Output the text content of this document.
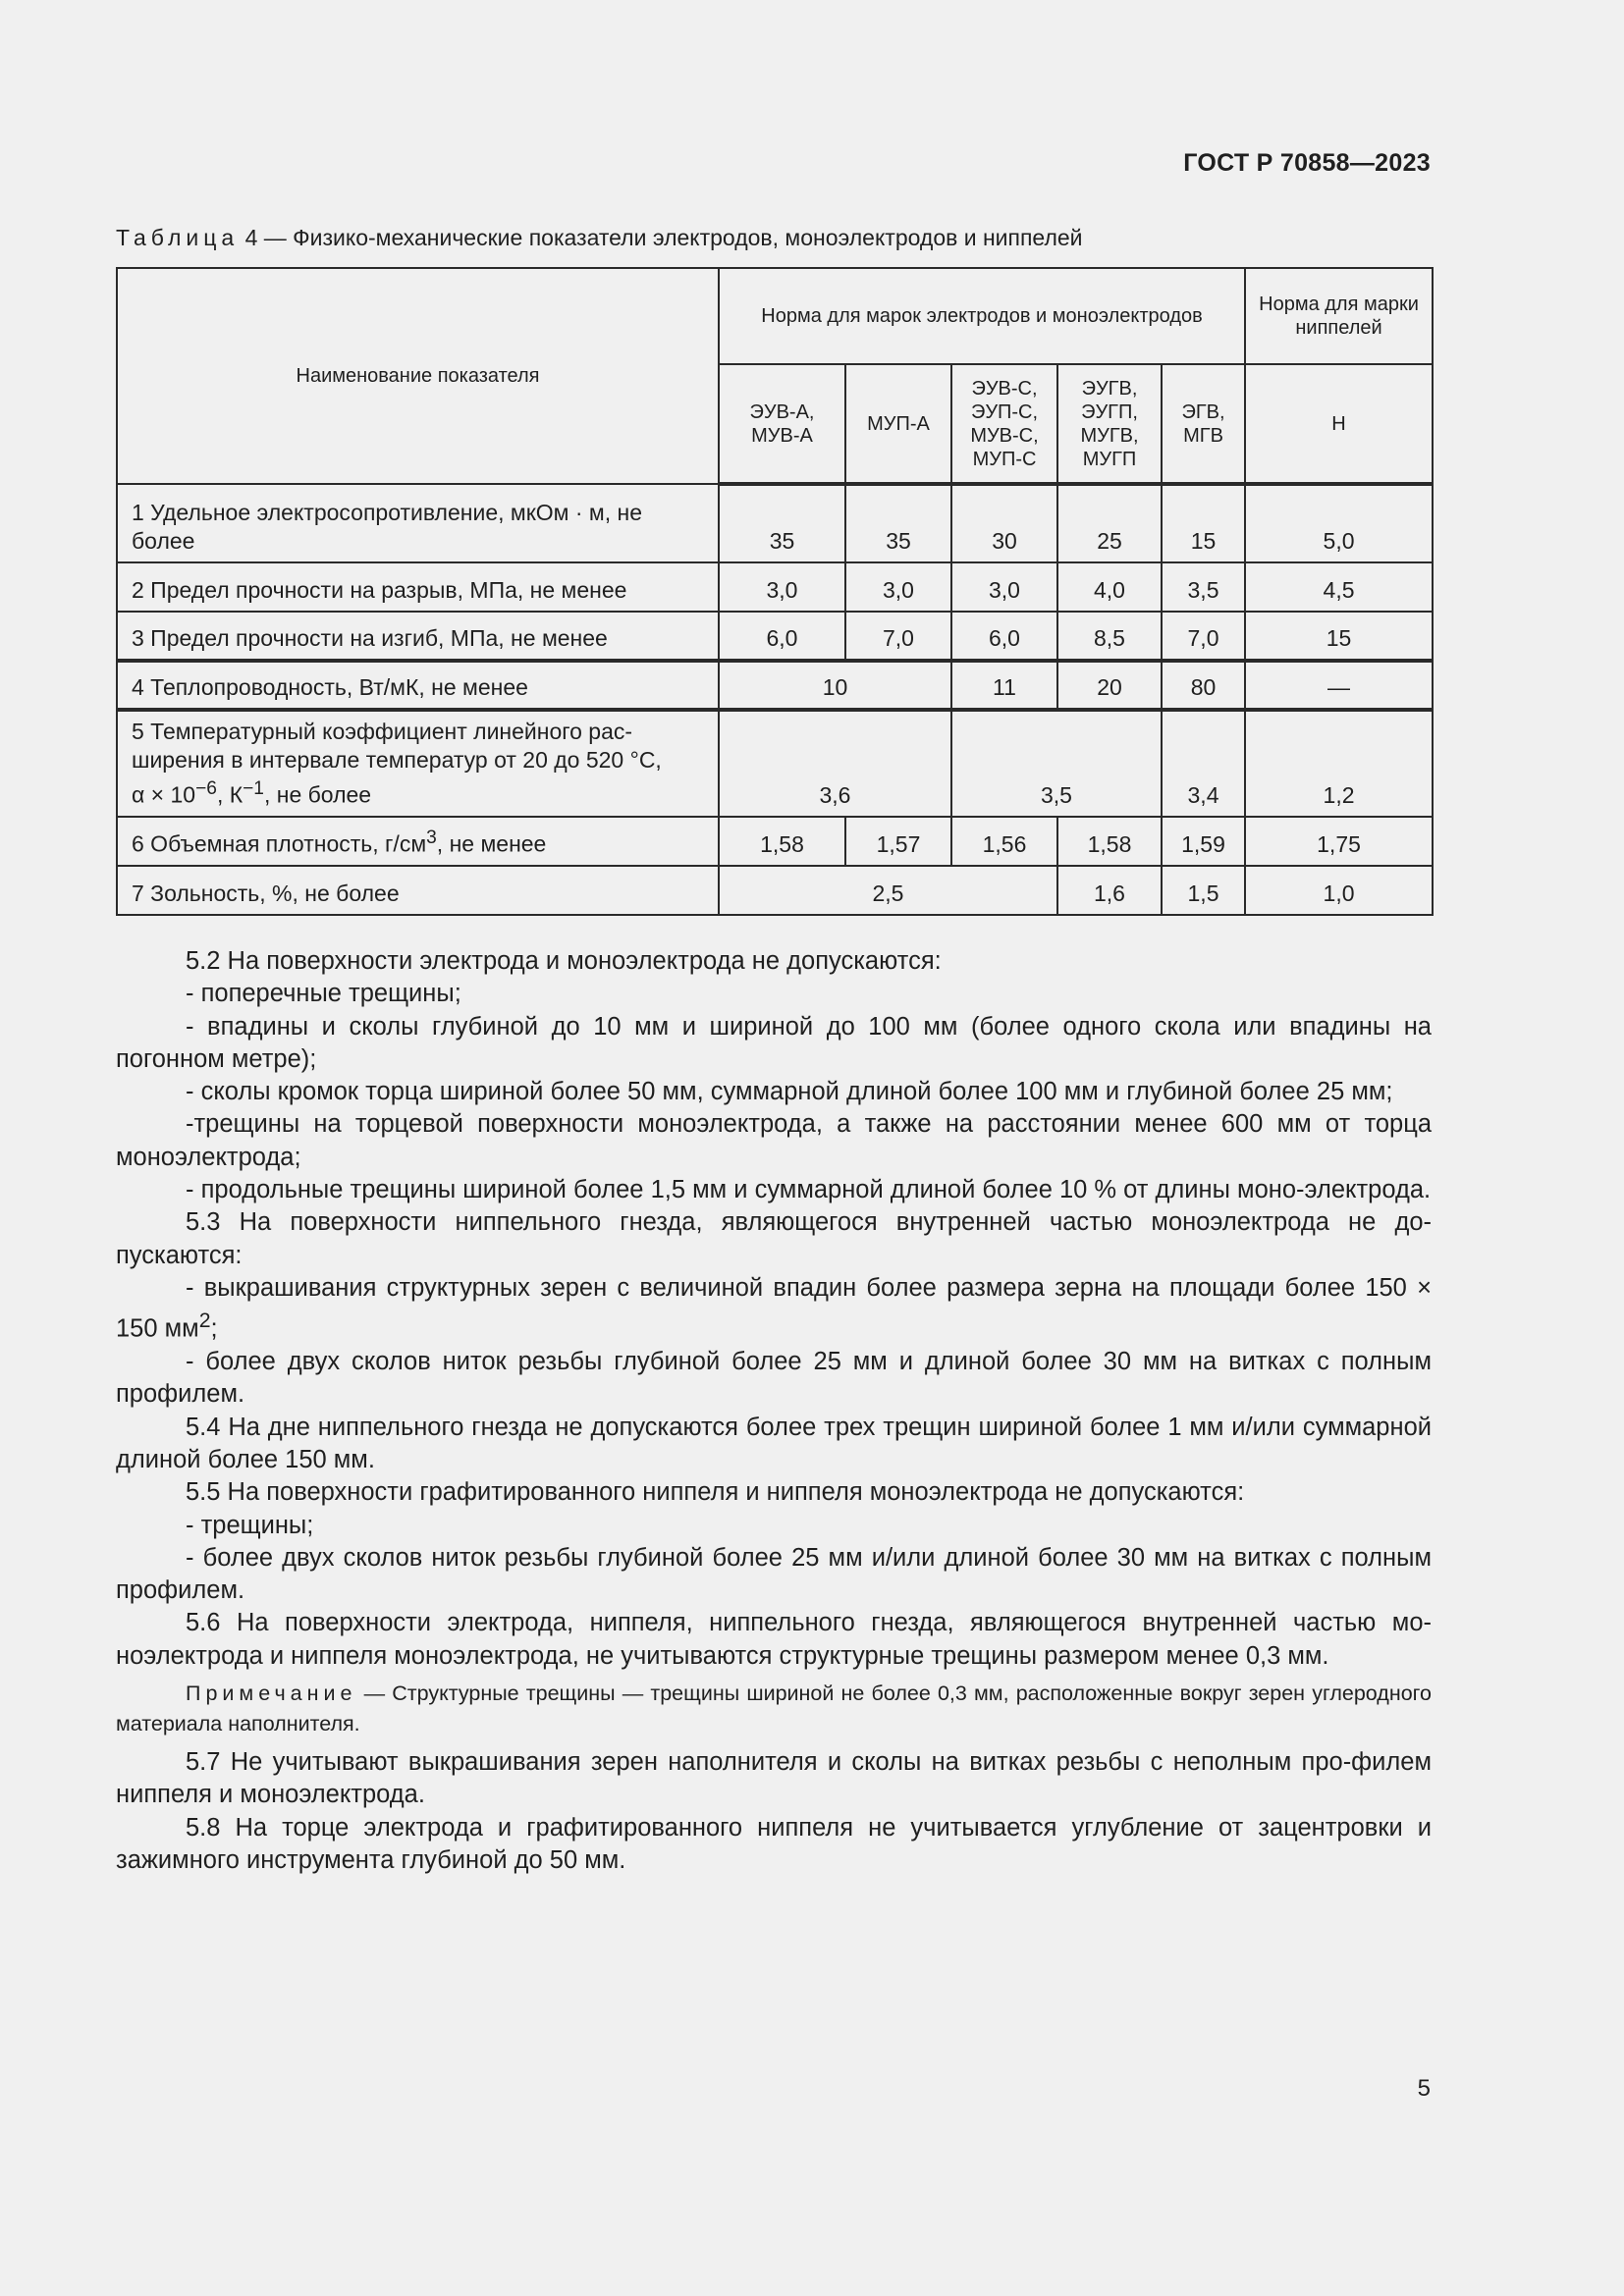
ГОСТ Р 70858—2023
Таблица 4 — Физико-механические показатели электродов, моноэлектродов и ниппелей
Наименование показателя	Норма для марок электродов и моноэлектродов					Норма для марки ниппелей
	ЭУВ-А, МУВ-А	МУП-А	ЭУВ-С, ЭУП-С, МУВ-С, МУП-С	ЭУГВ, ЭУГП, МУГВ, МУГП	ЭГВ, МГВ	Н
1 Удельное электросопротивление, мкОм · м, не более	35	35	30	25	15	5,0
2 Предел прочности на разрыв, МПа, не менее	3,0	3,0	3,0	4,0	3,5	4,5
3 Предел прочности на изгиб, МПа, не менее	6,0	7,0	6,0	8,5	7,0	15
4 Теплопроводность, Вт/мК, не менее	10		11	20	80	—

5 Температурный коэффициент линейного рас-
ширения в интервале температур от 20 до 520 °С,
$\alpha \times 10^{-6}$, $К^{-1}$, не более	3,6		3,5		3,4	1,2
6 Объемная плотность, $г/см^3$, не менее	1,58	1,57	1,56	1,58	1,59	1,75
7 Зольность, %, не более	2,5			1,6	1,5	1,0

5.2 На поверхности электрода и моноэлектрода не допускаются:

- поперечные трещины;

- впадины и сколы глубиной до 10 мм и шириной до 100 мм (более одного скола или впадины на погонном метре);

- сколы кромок торца шириной более 50 мм, суммарной длиной более 100 мм и глубиной более 25 мм;

-трещины на торцевой поверхности моноэлектрода, а также на расстоянии менее 600 мм от торца моноэлектрода;

- продольные трещины шириной более 1,5 мм и суммарной длиной более 10 % от длины моно-электрода.

5.3 На поверхности ниппельного гнезда, являющегося внутренней частью моноэлектрода не до-пускаются:

- выкрашивания структурных зерен с величиной впадин более размера зерна на площади более 150 × 150 $мм^2$;

- более двух сколов ниток резьбы глубиной более 25 мм и длиной более 30 мм на витках с полным профилем.

5.4 На дне ниппельного гнезда не допускаются более трех трещин шириной более 1 мм и/или суммарной длиной более 150 мм.

5.5 На поверхности графитированного ниппеля и ниппеля моноэлектрода не допускаются:

- трещины;

- более двух сколов ниток резьбы глубиной более 25 мм и/или длиной более 30 мм на витках с полным профилем.

5.6 На поверхности электрода, ниппеля, ниппельного гнезда, являющегося внутренней частью мо-ноэлектрода и ниппеля моноэлектрода, не учитываются структурные трещины размером менее 0,3 мм.

Примечание — Структурные трещины — трещины шириной не более 0,3 мм, расположенные вокруг зерен углеродного материала наполнителя.

5.7 Не учитывают выкрашивания зерен наполнителя и сколы на витках резьбы с неполным про-филем ниппеля и моноэлектрода.

5.8 На торце электрода и графитированного ниппеля не учитывается углубление от зацентровки и зажимного инструмента глубиной до 50 мм.

5
